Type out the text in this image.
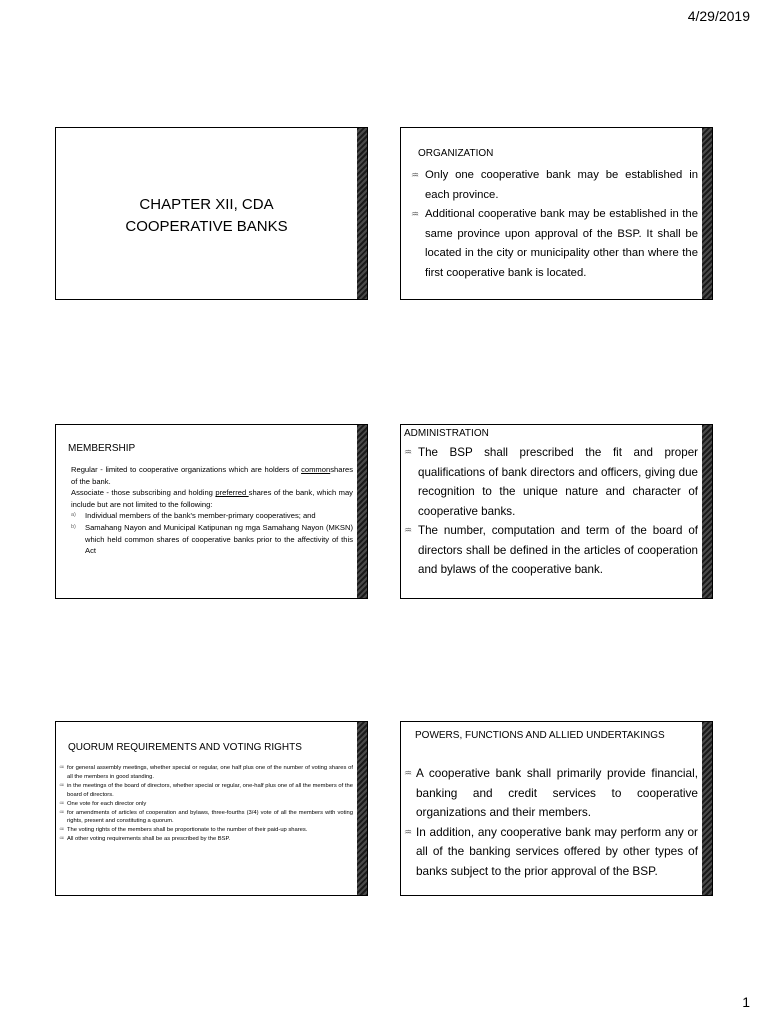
4/29/2019
CHAPTER XII, CDA
COOPERATIVE BANKS
ORGANIZATION
♒ Only one cooperative bank may be established in each province.
♒ Additional cooperative bank may be established in the same province upon approval of the BSP. It shall be located in the city or municipality other than where the first cooperative bank is located.
MEMBERSHIP

Regular - limited to cooperative organizations which are holders of commonshares of the bank.

Associate - those subscribing and holding preferred shares of the bank, which may include but are not limited to the following:

a) Individual members of the bank's member-primary cooperatives; and
b) Samahang Nayon and Municipal Katipunan ng mga Samahang Nayon (MKSN) which held common shares of cooperative banks prior to the affectivity of this Act
ADMINISTRATION
♒ The BSP shall prescribed the fit and proper qualifications of bank directors and officers, giving due recognition to the unique nature and character of cooperative banks.
♒ The number, computation and term of the board of directors shall be defined in the articles of cooperation and bylaws of the cooperative bank.
QUORUM REQUIREMENTS AND VOTING RIGHTS
♒ for general assembly meetings, whether special or regular, one half plus one of the number of voting shares of all the members in good standing.
♒ in the meetings of the board of directors, whether special or regular, one-half plus one of all the members of the board of directors.
♒ One vote for each director only
♒ for amendments of articles of cooperation and bylaws, three-fourths (3/4) vote of all the members with voting rights, present and constituting a quorum.
♒ The voting rights of the members shall be proportionate to the number of their paid-up shares.
♒ All other voting requirements shall be as prescribed by the BSP.
POWERS, FUNCTIONS AND ALLIED UNDERTAKINGS
♒ A cooperative bank shall primarily provide financial, banking and credit services to cooperative organizations and their members.
♒ In addition, any cooperative bank may perform any or all of the banking services offered by other types of banks subject to the prior approval of the BSP.
1
